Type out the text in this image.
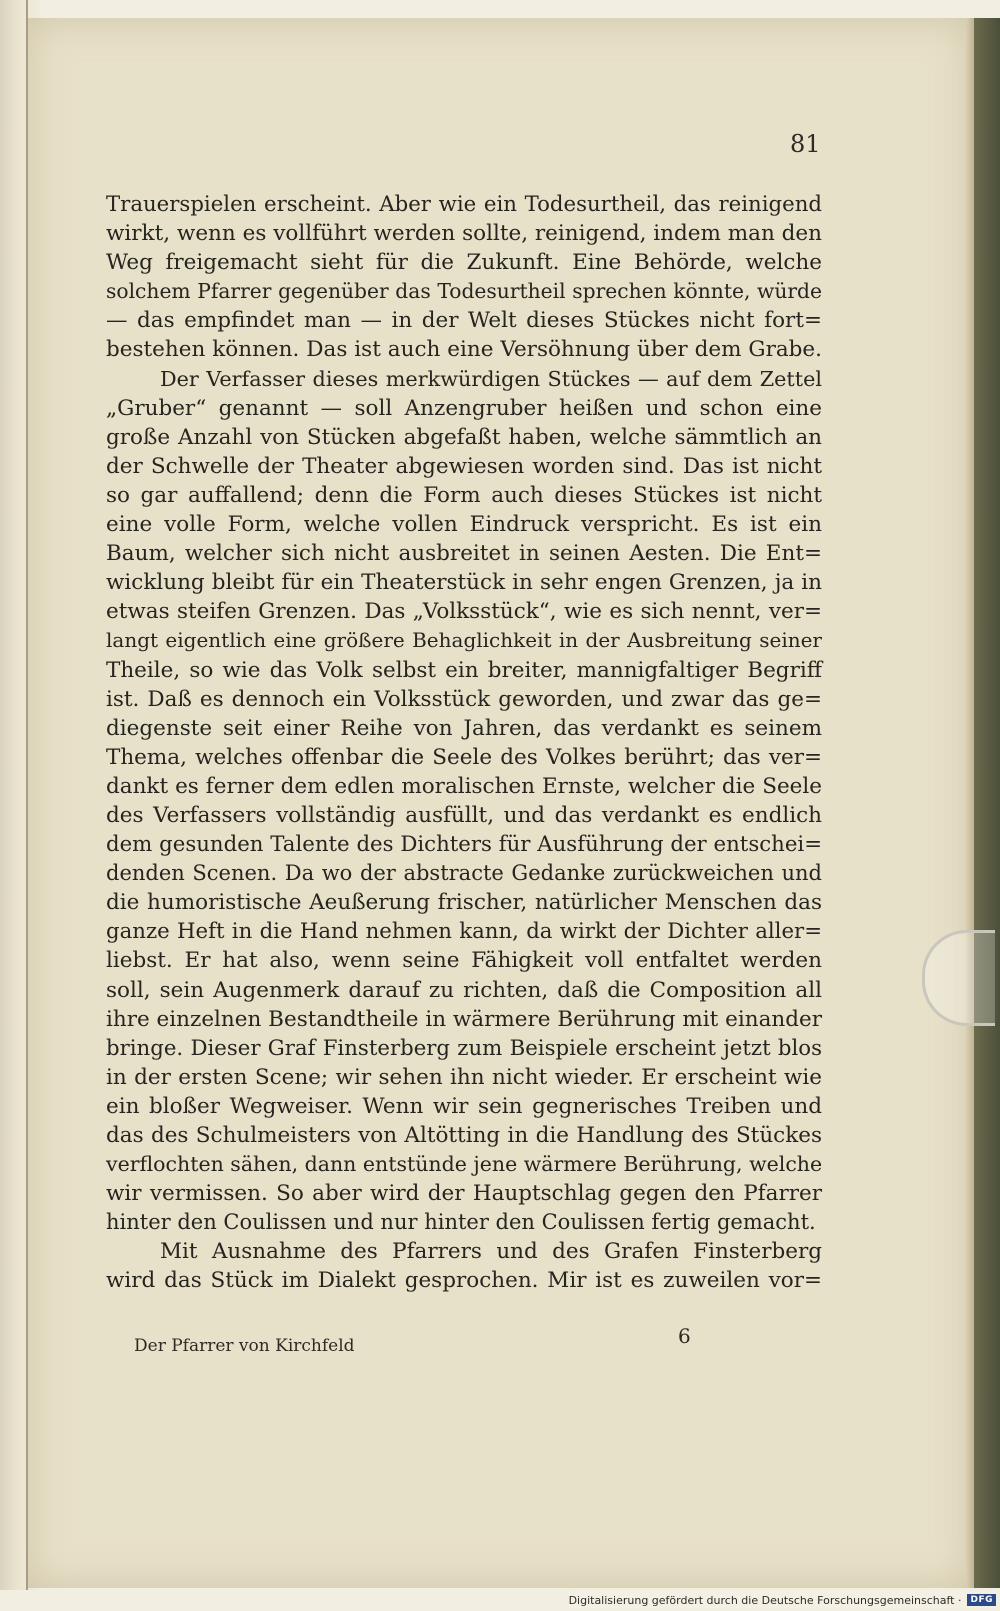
81
Trauerspielen erscheint. Aber wie ein Todesurtheil, das reinigend
wirkt, wenn es vollführt werden sollte, reinigend, indem man den
Weg freigemacht sieht für die Zukunft. Eine Behörde, welche
solchem Pfarrer gegenüber das Todesurtheil sprechen könnte, würde
— das empfindet man — in der Welt dieses Stückes nicht fort=
bestehen können. Das ist auch eine Versöhnung über dem Grabe.
Der Verfasser dieses merkwürdigen Stückes — auf dem Zettel
„Gruber“ genannt — soll Anzengruber heißen und schon eine
große Anzahl von Stücken abgefaßt haben, welche sämmtlich an
der Schwelle der Theater abgewiesen worden sind. Das ist nicht
so gar auffallend; denn die Form auch dieses Stückes ist nicht
eine volle Form, welche vollen Eindruck verspricht. Es ist ein
Baum, welcher sich nicht ausbreitet in seinen Aesten. Die Ent=
wicklung bleibt für ein Theaterstück in sehr engen Grenzen, ja in
etwas steifen Grenzen. Das „Volksstück“, wie es sich nennt, ver=
langt eigentlich eine größere Behaglichkeit in der Ausbreitung seiner
Theile, so wie das Volk selbst ein breiter, mannigfaltiger Begriff
ist. Daß es dennoch ein Volksstück geworden, und zwar das ge=
diegenste seit einer Reihe von Jahren, das verdankt es seinem
Thema, welches offenbar die Seele des Volkes berührt; das ver=
dankt es ferner dem edlen moralischen Ernste, welcher die Seele
des Verfassers vollständig ausfüllt, und das verdankt es endlich
dem gesunden Talente des Dichters für Ausführung der entschei=
denden Scenen. Da wo der abstracte Gedanke zurückweichen und
die humoristische Aeußerung frischer, natürlicher Menschen das
ganze Heft in die Hand nehmen kann, da wirkt der Dichter aller=
liebst. Er hat also, wenn seine Fähigkeit voll entfaltet werden
soll, sein Augenmerk darauf zu richten, daß die Composition all
ihre einzelnen Bestandtheile in wärmere Berührung mit einander
bringe. Dieser Graf Finsterberg zum Beispiele erscheint jetzt blos
in der ersten Scene; wir sehen ihn nicht wieder. Er erscheint wie
ein bloßer Wegweiser. Wenn wir sein gegnerisches Treiben und
das des Schulmeisters von Altötting in die Handlung des Stückes
verflochten sähen, dann entstünde jene wärmere Berührung, welche
wir vermissen. So aber wird der Hauptschlag gegen den Pfarrer
hinter den Coulissen und nur hinter den Coulissen fertig gemacht.
Mit Ausnahme des Pfarrers und des Grafen Finsterberg
wird das Stück im Dialekt gesprochen. Mir ist es zuweilen vor=
Der Pfarrer von Kirchfeld	6
Digitalisierung gefördert durch die Deutsche Forschungsgemeinschaft ·	DFG
